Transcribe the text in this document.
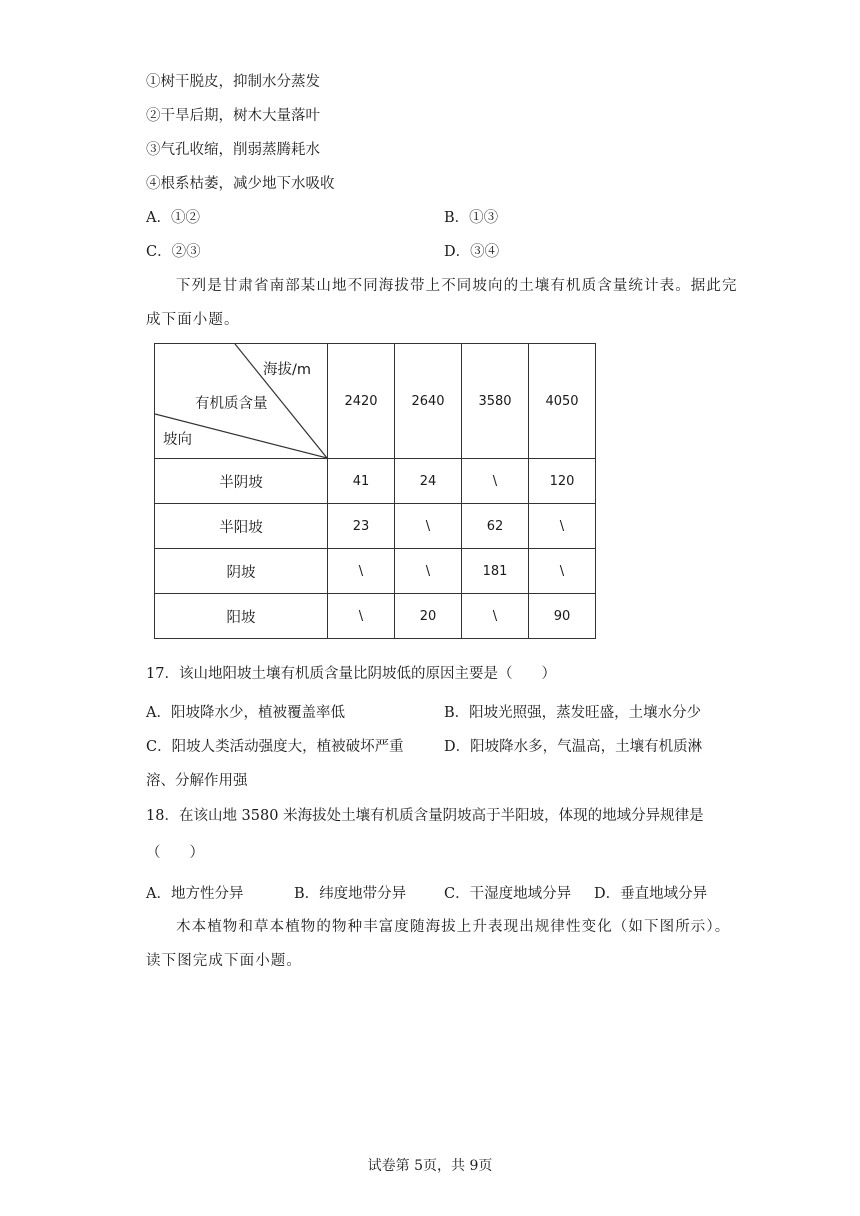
①树干脱皮，抑制水分蒸发
②干旱后期，树木大量落叶
③气孔收缩，削弱蒸腾耗水
④根系枯萎，减少地下水吸收
A．①②	B．①③
C．②③	D．③④
下列是甘肃省南部某山地不同海拔带上不同坡向的土壤有机质含量统计表。据此完
成下面小题。
海拔/m
有机质含量
坡向	2420	2640	3580	4050
半阴坡	41	24	\	120
半阳坡	23	\	62	\
阴坡	\	\	181	\
阳坡	\	20	\	90
17．该山地阳坡土壤有机质含量比阴坡低的原因主要是（　　）
A．阳坡降水少，植被覆盖率低	B．阳坡光照强，蒸发旺盛，土壤水分少
C．阳坡人类活动强度大，植被破坏严重	D．阳坡降水多，气温高，土壤有机质淋
溶、分解作用强
18．在该山地 3580 米海拔处土壤有机质含量阴坡高于半阳坡，体现的地域分异规律是
（　　）
A．地方性分异	B．纬度地带分异	C．干湿度地域分异 D．垂直地域分异
木本植物和草本植物的物种丰富度随海拔上升表现出规律性变化（如下图所示）。
读下图完成下面小题。
试卷第 5页，共 9页
